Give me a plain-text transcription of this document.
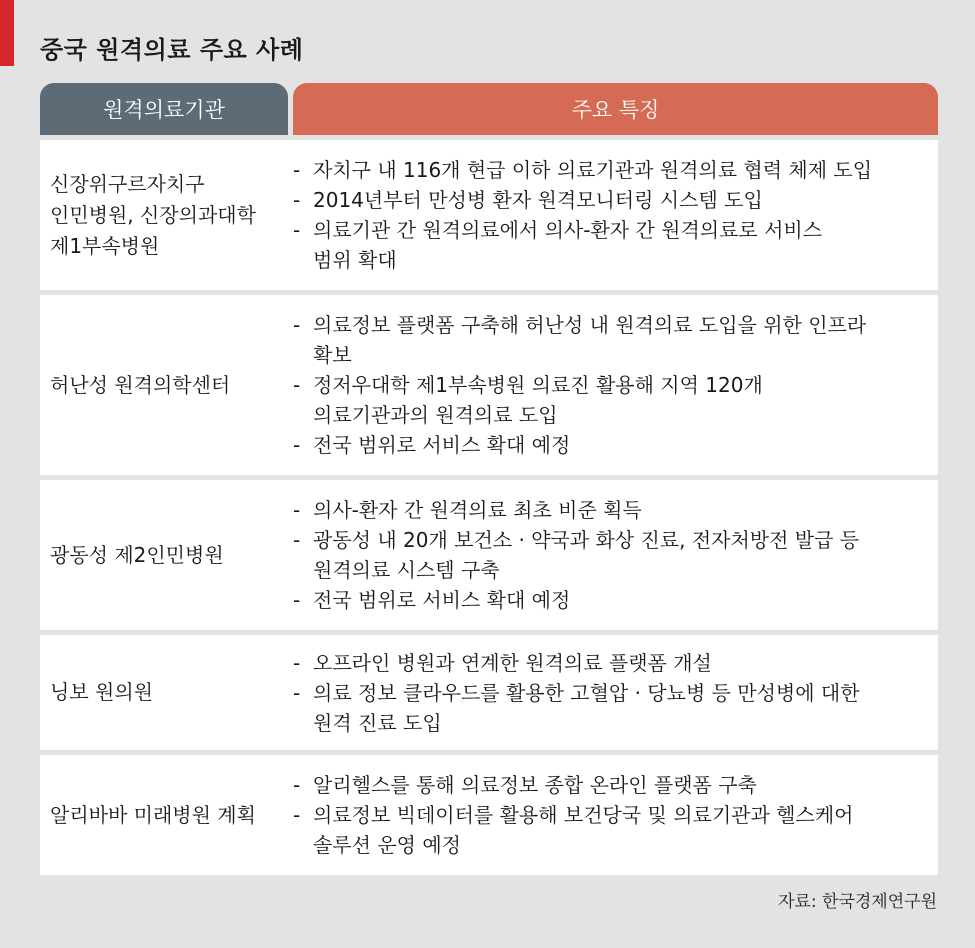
중국 원격의료 주요 사례
원격의료기관	주요 특징
신장위구르자치구
인민병원, 신장의과대학
제1부속병원
- 자치구 내 116개 현급 이하 의료기관과 원격의료 협력 체제 도입
- 2014년부터 만성병 환자 원격모니터링 시스템 도입
- 의료기관 간 원격의료에서 의사-환자 간 원격의료로 서비스
범위 확대
허난성 원격의학센터
- 의료정보 플랫폼 구축해 허난성 내 원격의료 도입을 위한 인프라
확보
- 정저우대학 제1부속병원 의료진 활용해 지역 120개
의료기관과의 원격의료 도입
- 전국 범위로 서비스 확대 예정
광동성 제2인민병원
- 의사-환자 간 원격의료 최초 비준 획득
- 광동성 내 20개 보건소 · 약국과 화상 진료, 전자처방전 발급 등
원격의료 시스템 구축
- 전국 범위로 서비스 확대 예정
닝보 원의원
- 오프라인 병원과 연계한 원격의료 플랫폼 개설
- 의료 정보 클라우드를 활용한 고혈압 · 당뇨병 등 만성병에 대한
원격 진료 도입
알리바바 미래병원 계획
- 알리헬스를 통해 의료정보 종합 온라인 플랫폼 구축
- 의료정보 빅데이터를 활용해 보건당국 및 의료기관과 헬스케어
솔루션 운영 예정
자료: 한국경제연구원
